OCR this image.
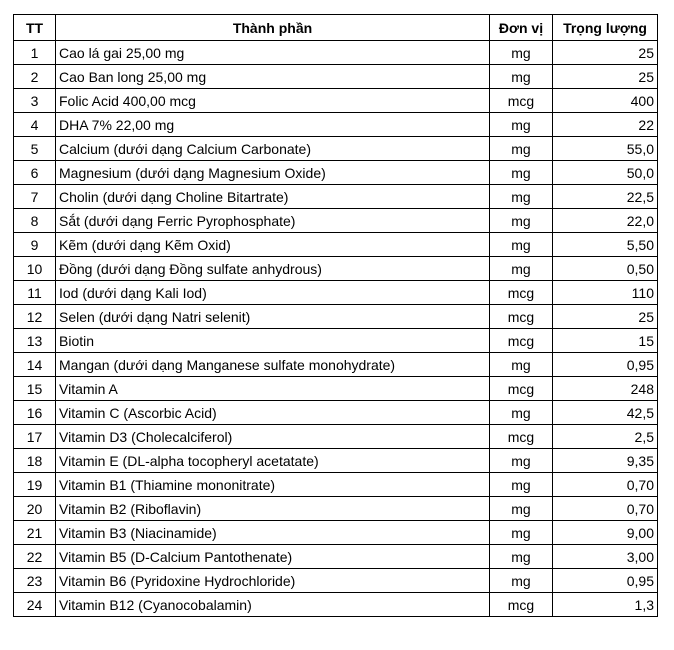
TT	Thành phần	Đơn vị	Trọng lượng
1	Cao lá gai 25,00 mg	mg	25
2	Cao Ban long 25,00 mg	mg	25
3	Folic Acid 400,00 mcg	mcg	400
4	DHA 7% 22,00 mg	mg	22
5	Calcium (dưới dạng Calcium Carbonate)	mg	55,0
6	Magnesium (dưới dạng Magnesium Oxide)	mg	50,0
7	Cholin (dưới dạng Choline Bitartrate)	mg	22,5
8	Sắt (dưới dạng Ferric Pyrophosphate)	mg	22,0
9	Kẽm (dưới dạng Kẽm Oxid)	mg	5,50
10	Đồng (dưới dạng Đồng sulfate anhydrous)	mg	0,50
11	Iod (dưới dạng Kali Iod)	mcg	110
12	Selen (dưới dạng Natri selenit)	mcg	25
13	Biotin	mcg	15
14	Mangan (dưới dạng Manganese sulfate monohydrate)	mg	0,95
15	Vitamin A	mcg	248
16	Vitamin C (Ascorbic Acid)	mg	42,5
17	Vitamin D3 (Cholecalciferol)	mcg	2,5
18	Vitamin E (DL-alpha tocopheryl acetatate)	mg	9,35
19	Vitamin B1 (Thiamine mononitrate)	mg	0,70
20	Vitamin B2 (Riboflavin)	mg	0,70
21	Vitamin B3 (Niacinamide)	mg	9,00
22	Vitamin B5 (D-Calcium Pantothenate)	mg	3,00
23	Vitamin B6 (Pyridoxine Hydrochloride)	mg	0,95
24	Vitamin B12 (Cyanocobalamin)	mcg	1,3
